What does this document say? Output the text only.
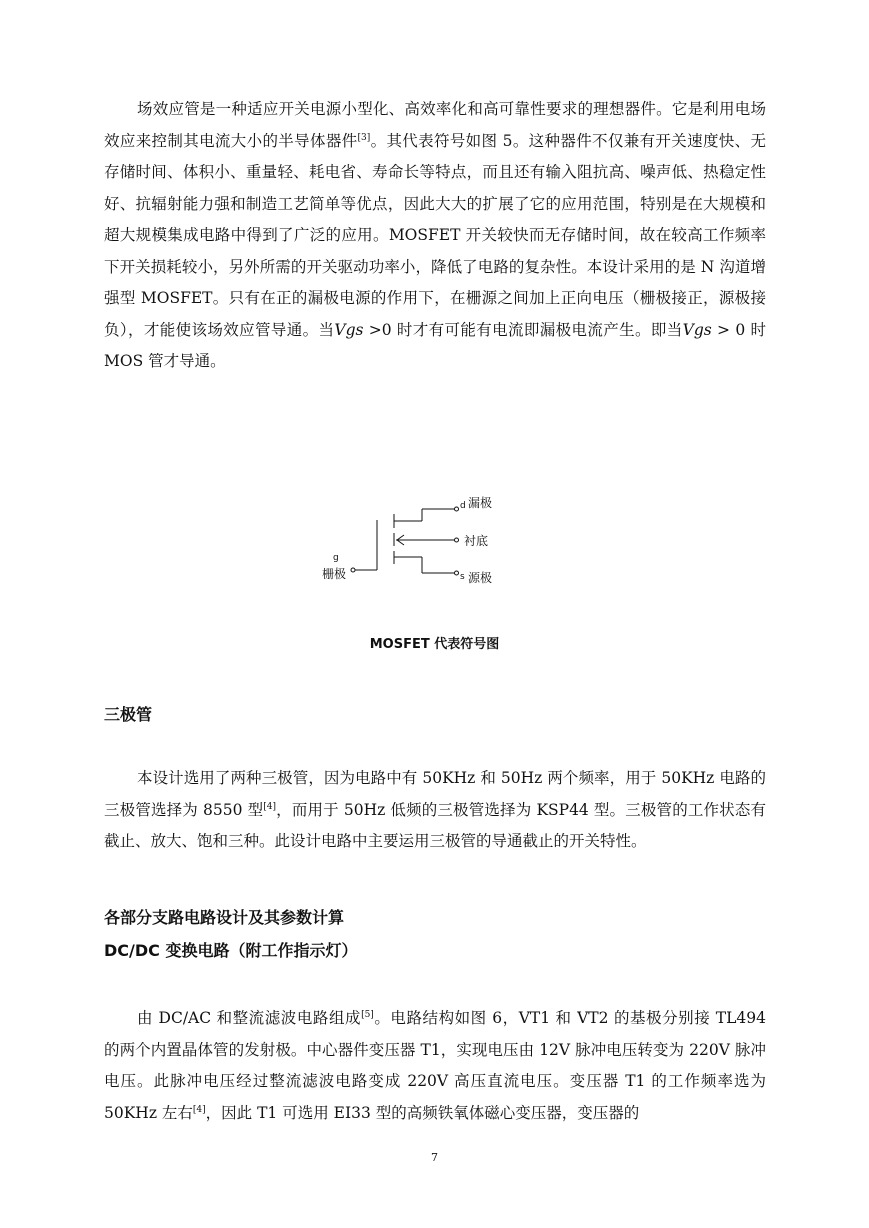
场效应管是一种适应开关电源小型化、高效率化和高可靠性要求的理想器件。它是利用电场效应来控制其电流大小的半导体器件[3]。其代表符号如图 5。这种器件不仅兼有开关速度快、无存储时间、体积小、重量轻、耗电省、寿命长等特点，而且还有输入阻抗高、噪声低、热稳定性好、抗辐射能力强和制造工艺简单等优点，因此大大的扩展了它的应用范围，特别是在大规模和超大规模集成电路中得到了广泛的应用。MOSFET 开关较快而无存储时间，故在较高工作频率下开关损耗较小，另外所需的开关驱动功率小，降低了电路的复杂性。本设计采用的是 N 沟道增强型 MOSFET。只有在正的漏极电源的作用下，在栅源之间加上正向电压（栅极接正，源极接负），才能使该场效应管导通。当Vgs >0 时才有可能有电流即漏极电流产生。即当Vgs > 0 时 MOS 管才导通。

d 漏极
衬底
s 源极
g
栅极
MOSFET 代表符号图
三极管

本设计选用了两种三极管，因为电路中有 50KHz 和 50Hz 两个频率，用于 50KHz 电路的三极管选择为 8550 型[4]，而用于 50Hz 低频的三极管选择为 KSP44 型。三极管的工作状态有截止、放大、饱和三种。此设计电路中主要运用三极管的导通截止的开关特性。

各部分支路电路设计及其参数计算
DC/DC 变换电路（附工作指示灯）

由 DC/AC 和整流滤波电路组成[5]。电路结构如图 6，VT1 和 VT2 的基极分别接 TL494 的两个内置晶体管的发射极。中心器件变压器 T1，实现电压由 12V 脉冲电压转变为 220V 脉冲电压。此脉冲电压经过整流滤波电路变成 220V 高压直流电压。变压器 T1 的工作频率选为 50KHz 左右[4]，因此 T1 可选用 EI33 型的高频铁氧体磁心变压器，变压器的

7
